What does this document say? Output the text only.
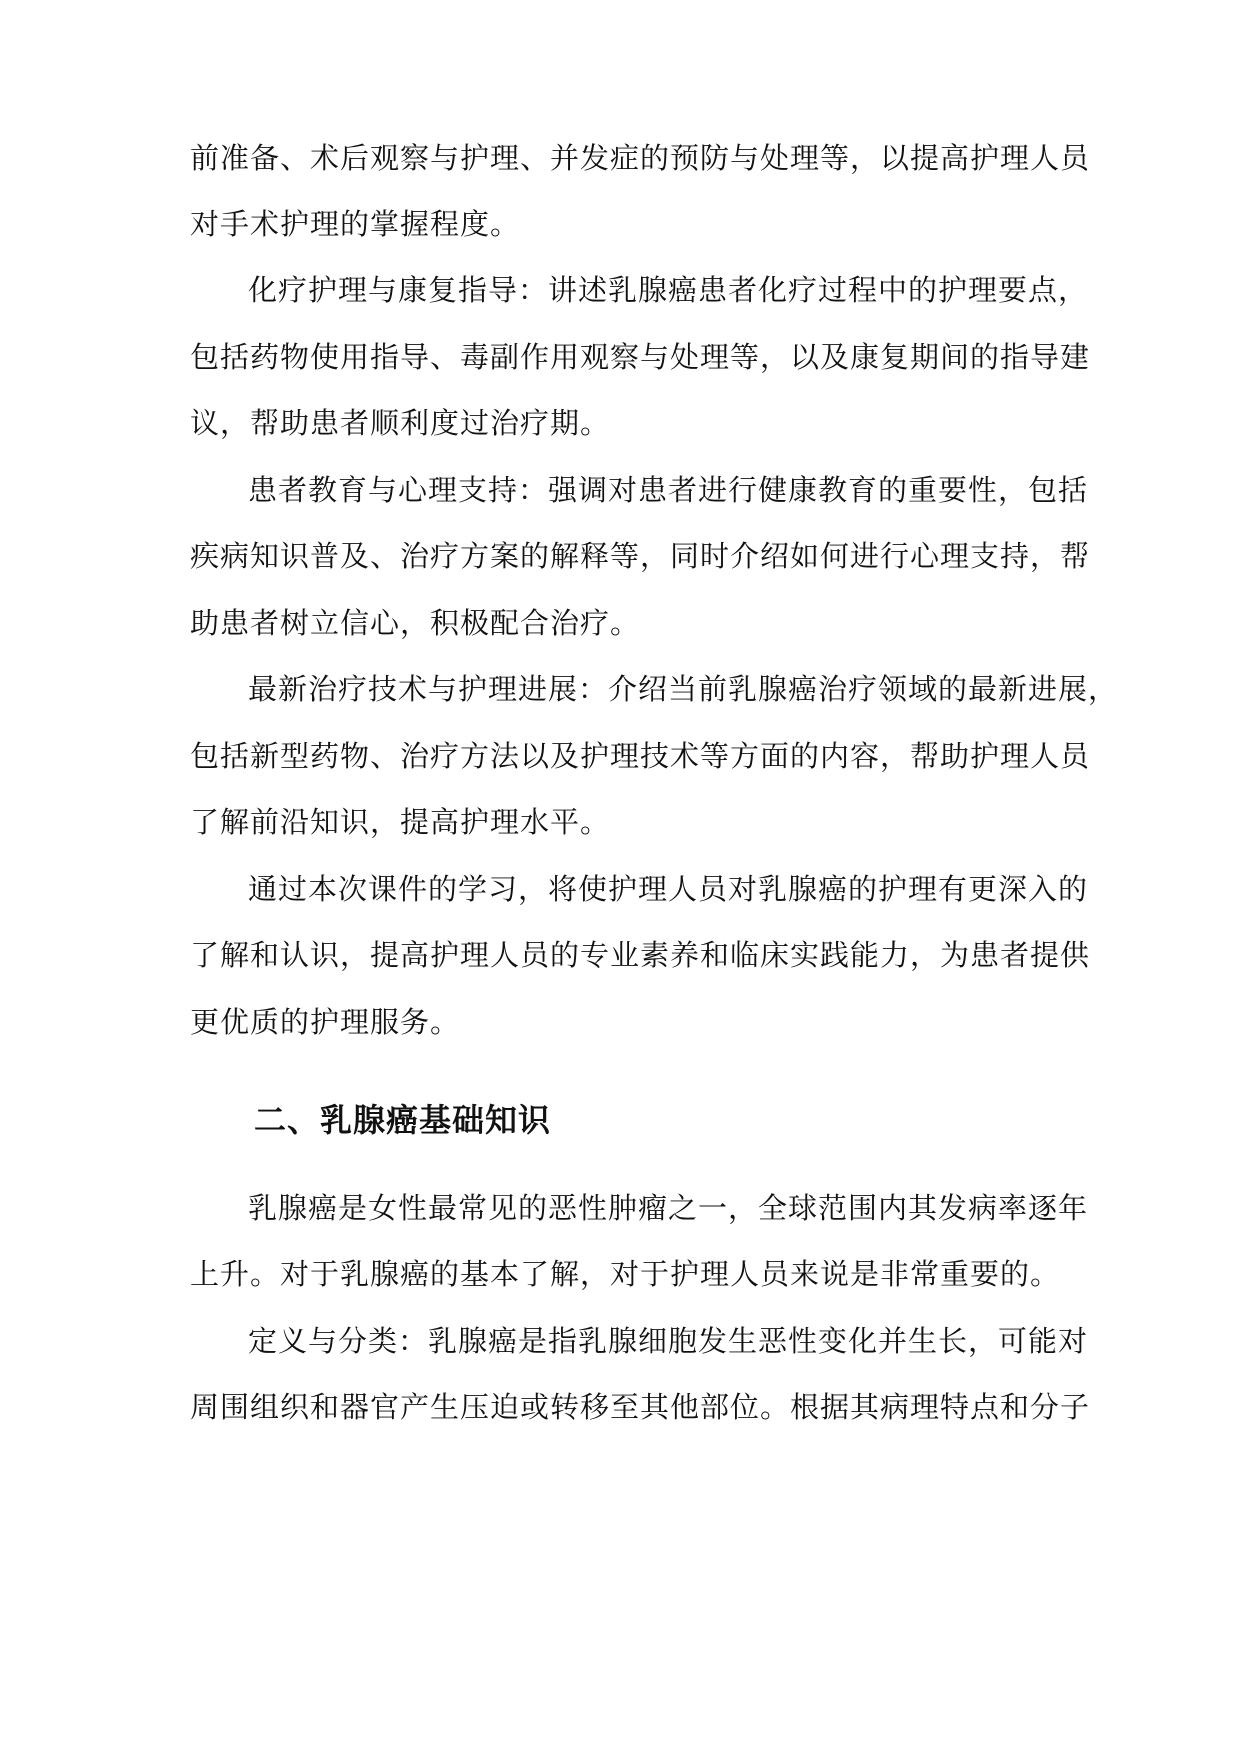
前准备、术后观察与护理、并发症的预防与处理等，以提高护理人员
对手术护理的掌握程度。
化疗护理与康复指导：讲述乳腺癌患者化疗过程中的护理要点，
包括药物使用指导、毒副作用观察与处理等，以及康复期间的指导建
议，帮助患者顺利度过治疗期。
患者教育与心理支持：强调对患者进行健康教育的重要性，包括
疾病知识普及、治疗方案的解释等，同时介绍如何进行心理支持，帮
助患者树立信心，积极配合治疗。
最新治疗技术与护理进展：介绍当前乳腺癌治疗领域的最新进展，
包括新型药物、治疗方法以及护理技术等方面的内容，帮助护理人员
了解前沿知识，提高护理水平。
通过本次课件的学习，将使护理人员对乳腺癌的护理有更深入的
了解和认识，提高护理人员的专业素养和临床实践能力，为患者提供
更优质的护理服务。
二、乳腺癌基础知识
乳腺癌是女性最常见的恶性肿瘤之一，全球范围内其发病率逐年
上升。对于乳腺癌的基本了解，对于护理人员来说是非常重要的。
定义与分类：乳腺癌是指乳腺细胞发生恶性变化并生长，可能对
周围组织和器官产生压迫或转移至其他部位。根据其病理特点和分子
